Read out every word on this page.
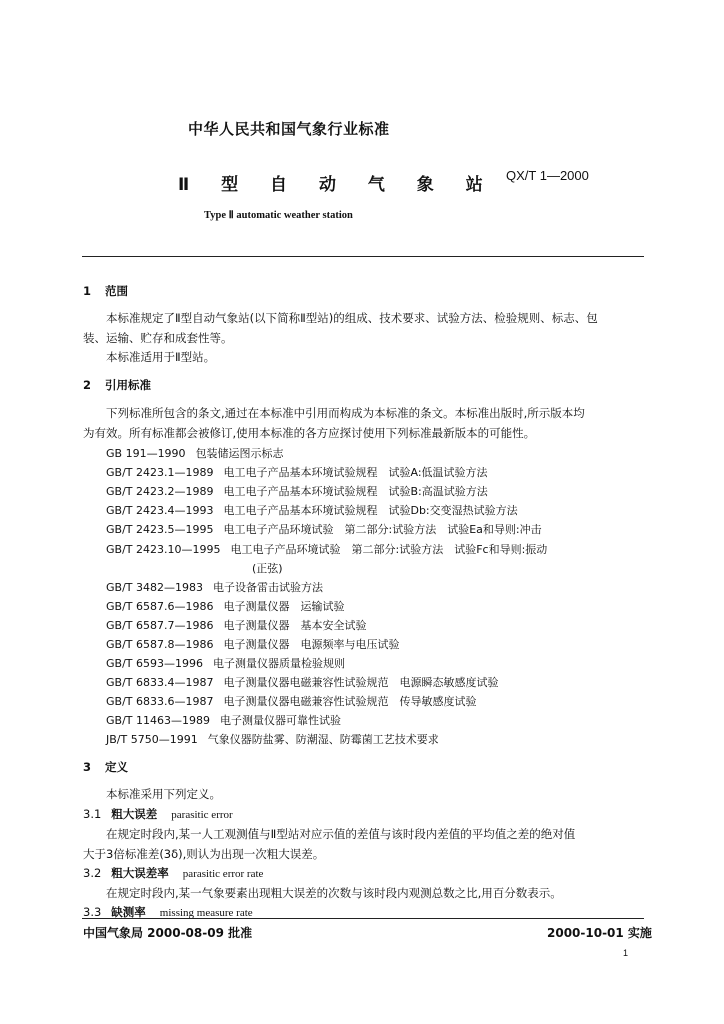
中华人民共和国气象行业标准
Ⅱ 型 自 动 气 象 站 QX/T 1—2000
Type Ⅱ automatic weather station
1 范围
本标准规定了Ⅱ型自动气象站(以下简称Ⅱ型站)的组成、技术要求、试验方法、检验规则、标志、包
装、运输、贮存和成套性等。
本标准适用于Ⅱ型站。
2 引用标准
下列标准所包含的条文,通过在本标准中引用而构成为本标准的条文。本标准出版时,所示版本均
为有效。所有标准都会被修订,使用本标准的各方应探讨使用下列标准最新版本的可能性。
GB 191—1990 包装储运图示标志
GB/T 2423.1—1989 电工电子产品基本环境试验规程　试验A:低温试验方法
GB/T 2423.2—1989 电工电子产品基本环境试验规程　试验B:高温试验方法
GB/T 2423.4—1993 电工电子产品基本环境试验规程　试验Db:交变湿热试验方法
GB/T 2423.5—1995 电工电子产品环境试验　第二部分:试验方法　试验Ea和导则:冲击
GB/T 2423.10—1995 电工电子产品环境试验　第二部分:试验方法　试验Fc和导则:振动
(正弦)
GB/T 3482—1983 电子设备雷击试验方法
GB/T 6587.6—1986 电子测量仪器　运输试验
GB/T 6587.7—1986 电子测量仪器　基本安全试验
GB/T 6587.8—1986 电子测量仪器　电源频率与电压试验
GB/T 6593—1996 电子测量仪器质量检验规则
GB/T 6833.4—1987 电子测量仪器电磁兼容性试验规范　电源瞬态敏感度试验
GB/T 6833.6—1987 电子测量仪器电磁兼容性试验规范　传导敏感度试验
GB/T 11463—1989 电子测量仪器可靠性试验
JB/T 5750—1991 气象仪器防盐雾、防潮湿、防霉菌工艺技术要求
3 定义
本标准采用下列定义。
3.1 粗大误差 parasitic error
在规定时段内,某一人工观测值与Ⅱ型站对应示值的差值与该时段内差值的平均值之差的绝对值
大于3倍标准差(3δ),则认为出现一次粗大误差。
3.2 粗大误差率 parasitic error rate
在规定时段内,某一气象要素出现粗大误差的次数与该时段内观测总数之比,用百分数表示。
3.3 缺测率 missing measure rate
中国气象局 2000-08-09 批准	2000-10-01 实施
1
